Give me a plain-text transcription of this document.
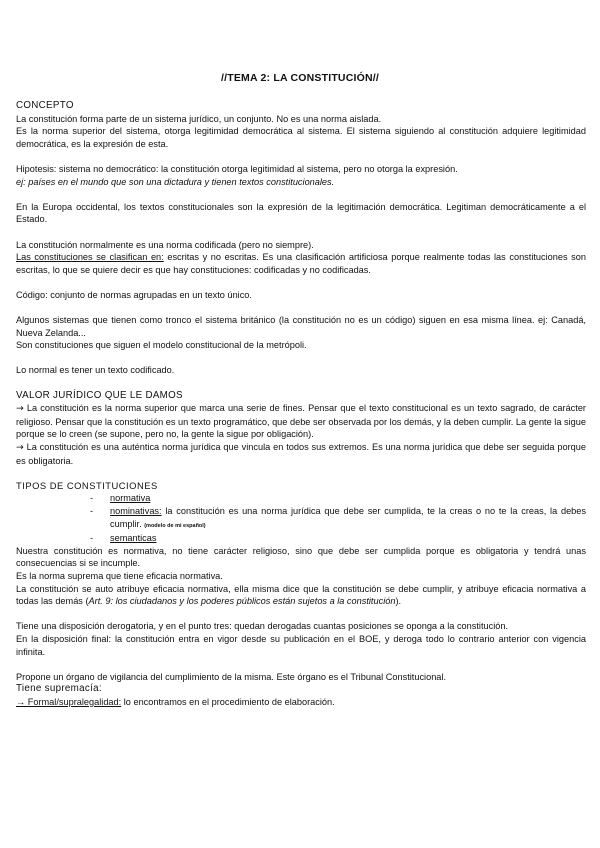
//TEMA 2: LA CONSTITUCIÓN//

CONCEPTO

La constitución forma parte de un sistema jurídico, un conjunto. No es una norma aislada.

Es la norma superior del sistema, otorga legitimidad democrática al sistema. El sistema siguiendo al constitución adquiere legitimidad democrática, es la expresión de esta.

Hipotesis: sistema no democrático: la constitución otorga legitimidad al sistema, pero no otorga la expresión.

ej: países en el mundo que son una dictadura y tienen textos constitucionales.

En la Europa occidental, los textos constitucionales son la expresión de la legitimación democrática. Legitiman democráticamente a el Estado.

La constitución normalmente es una norma codificada (pero no siempre).

Las constituciones se clasifican en: escritas y no escritas. Es una clasificación artificiosa porque realmente todas las constituciones son escritas, lo que se quiere decir es que hay constituciones: codificadas y no codificadas.

Código: conjunto de normas agrupadas en un texto único.

Algunos sistemas que tienen como tronco el sistema británico (la constitución no es un código) siguen en esa misma línea. ej: Canadá, Nueva Zelanda...

Son constituciones que siguen el modelo constitucional de la metrópoli.

Lo normal es tener un texto codificado.

VALOR JURÍDICO QUE LE DAMOS

→ La constitución es la norma superior que marca una serie de fines. Pensar que el texto constitucional es un texto sagrado, de carácter religioso. Pensar que la constitución es un texto programático, que debe ser observada por los demás, y la deben cumplir. La gente la sigue porque se lo creen (se supone, pero no, la gente la sigue por obligación).

→ La constitución es una auténtica norma jurídica que vincula en todos sus extremos. Es una norma jurídica que debe ser seguida porque es obligatoria.

TIPOS DE CONSTITUCIONES

- normativa
- nominativas: la constitución es una norma jurídica que debe ser cumplida, te la creas o no te la creas, la debes cumplir. (modelo de mi español)
- semanticas

Nuestra constitución es normativa, no tiene carácter religioso, sino que debe ser cumplida porque es obligatoria y tendrá unas consecuencias si se incumple.

Es la norma suprema que tiene eficacia normativa.

La constitución se auto atribuye eficacia normativa, ella misma dice que la constitución se debe cumplir, y atribuye eficacia normativa a todas las demás (Art. 9: los ciudadanos y los poderes públicos están sujetos a la constitución).

Tiene una disposición derogatoria, y en el punto tres: quedan derogadas cuantas posiciones se oponga a la constitución.

En la disposición final: la constitución entra en vigor desde su publicación en el BOE, y deroga todo lo contrario anterior con vigencia infinita.

Propone un órgano de vigilancia del cumplimiento de la misma. Este órgano es el Tribunal Constitucional.

Tiene supremacía:

→ Formal/supralegalidad: lo encontramos en el procedimiento de elaboración.
